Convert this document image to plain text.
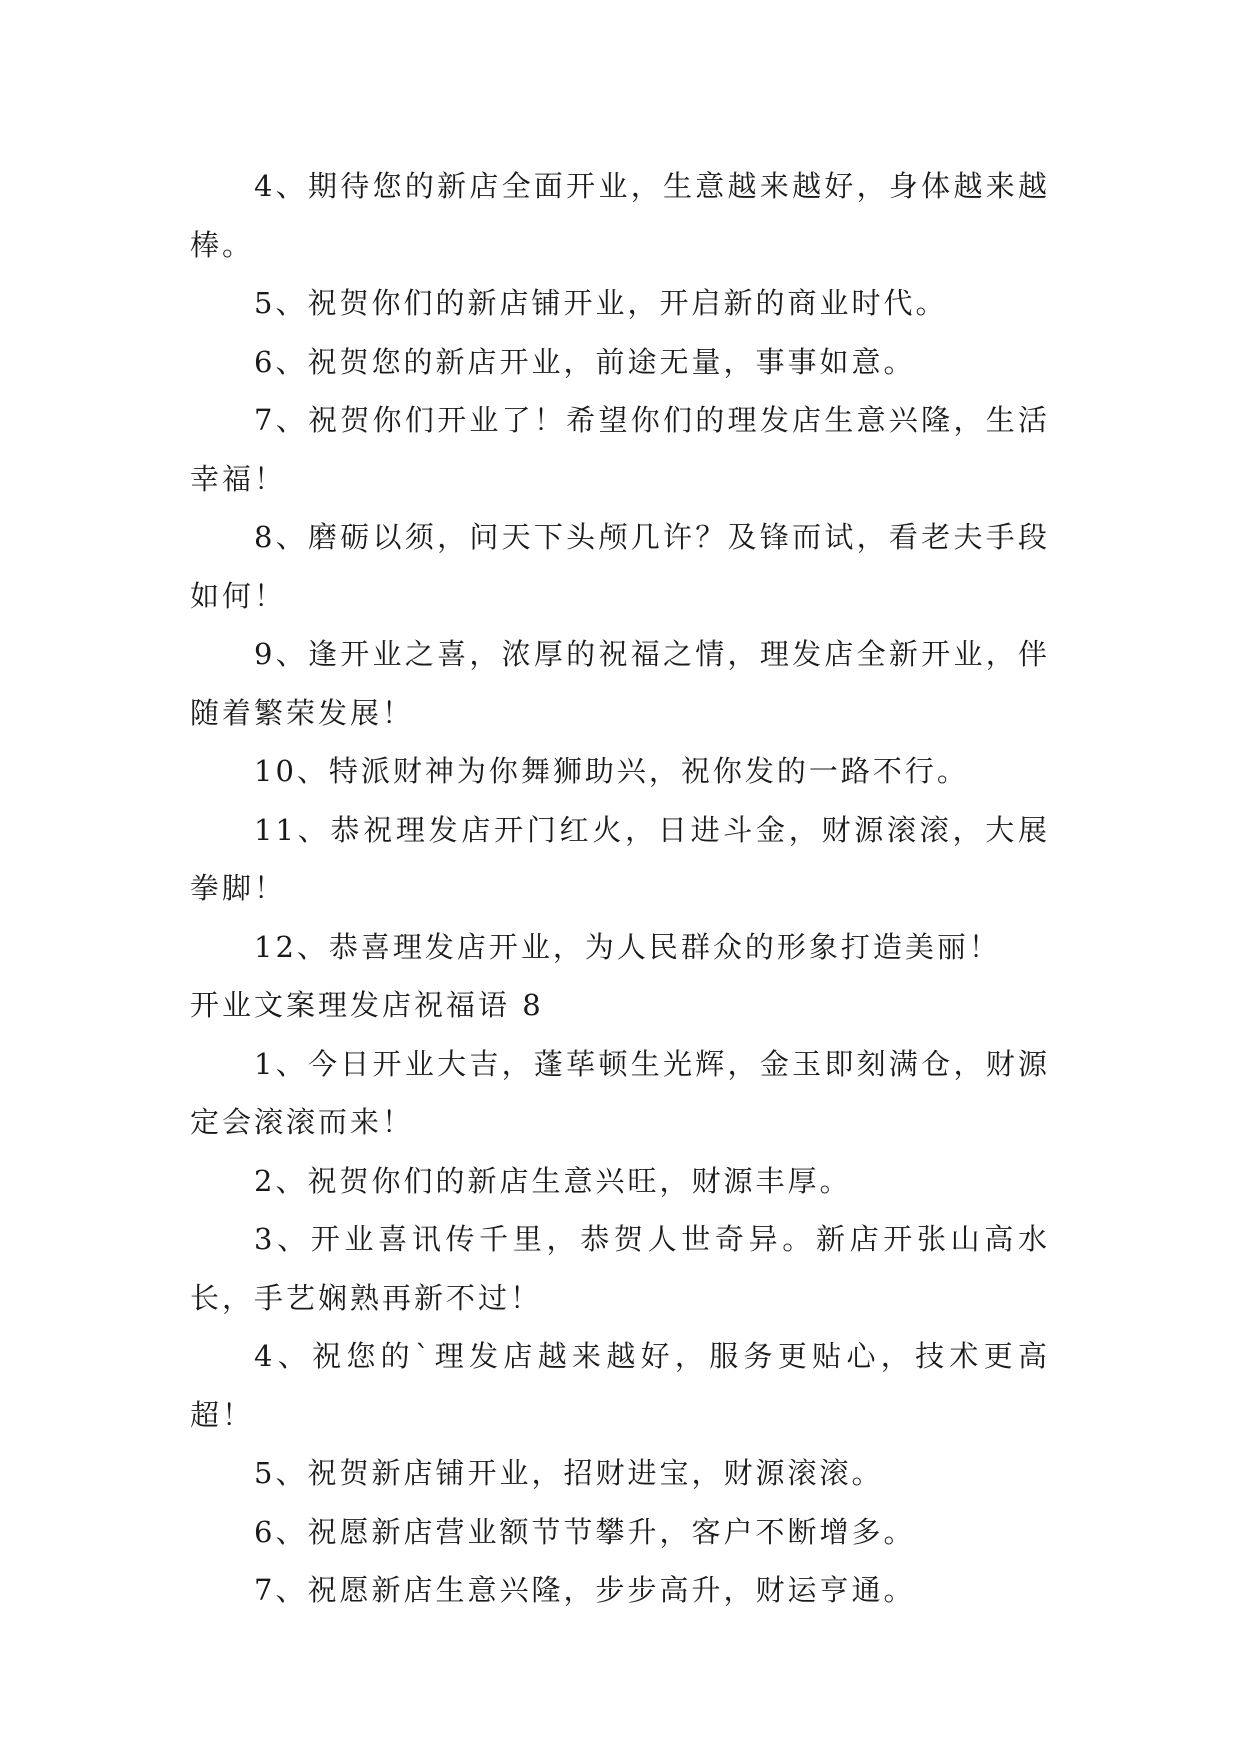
4、期待您的新店全面开业，生意越来越好，身体越来越棒。

5、祝贺你们的新店铺开业，开启新的商业时代。

6、祝贺您的新店开业，前途无量，事事如意。

7、祝贺你们开业了！希望你们的理发店生意兴隆，生活幸福！

8、磨砺以须，问天下头颅几许？及锋而试，看老夫手段如何！

9、逢开业之喜，浓厚的祝福之情，理发店全新开业，伴随着繁荣发展！

10、特派财神为你舞狮助兴，祝你发的一路不行。

11、恭祝理发店开门红火，日进斗金，财源滚滚，大展拳脚！

12、恭喜理发店开业，为人民群众的形象打造美丽！

开业文案理发店祝福语 8

1、今日开业大吉，蓬荜顿生光辉，金玉即刻满仓，财源定会滚滚而来！

2、祝贺你们的新店生意兴旺，财源丰厚。

3、开业喜讯传千里，恭贺人世奇异。新店开张山高水长，手艺娴熟再新不过！

4、祝您的`理发店越来越好，服务更贴心，技术更高超！

5、祝贺新店铺开业，招财进宝，财源滚滚。

6、祝愿新店营业额节节攀升，客户不断增多。

7、祝愿新店生意兴隆，步步高升，财运亨通。
